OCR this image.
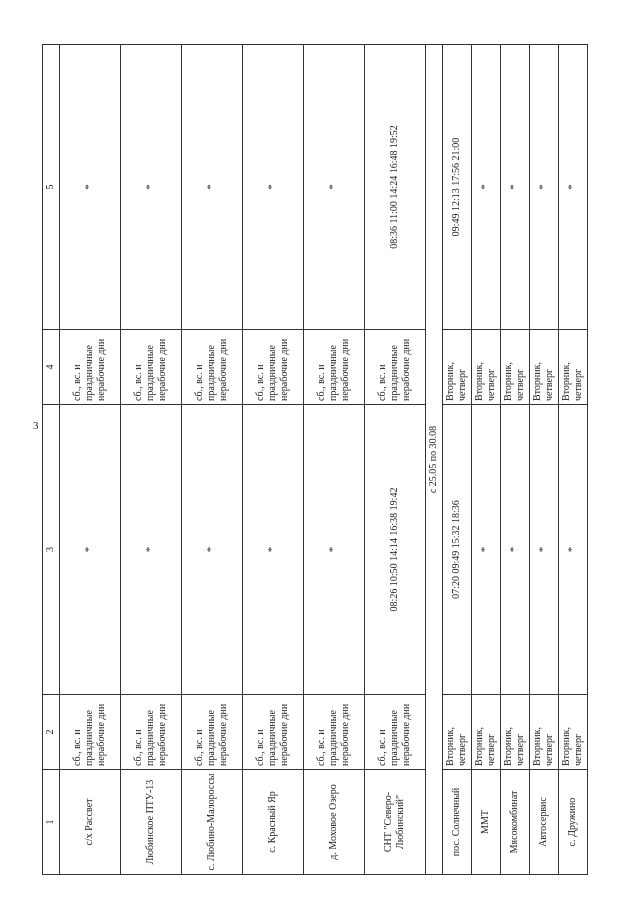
3
1	2	3	4	5
с/х Рассвет	сб., вс. и праздничные нерабочие дни	*	сб., вс. и праздничные нерабочие дни	*
Любинское ПТУ-13	сб., вс. и праздничные нерабочие дни	*	сб., вс. и праздничные нерабочие дни	*
с. Любино-Малороссы	сб., вс. и праздничные нерабочие дни	*	сб., вс. и праздничные нерабочие дни	*
с. Красный Яр	сб., вс. и праздничные нерабочие дни	*	сб., вс. и праздничные нерабочие дни	*
д. Моховое Озеро	сб., вс. и праздничные нерабочие дни	*	сб., вс. и праздничные нерабочие дни	*
СНТ "Северо-Любинский"	сб., вс. и праздничные нерабочие дни	08:26 10:50 14:14 16:38 19:42	сб., вс. и праздничные нерабочие дни	08:36 11:00 14:24 16:48 19:52
с 25.05 по 30.08				
пос. Солнечный	Вторник, четверг	07:20 09:49 15:32 18:36	Вторник, четверг	09:49 12:13 17:56 21:00
ММТ	Вторник, четверг	*	Вторник, четверг	*
Мясокомбинат	Вторник, четверг	*	Вторник, четверг	*
Автосервис	Вторник, четверг	*	Вторник, четверг	*
с. Дружино	Вторник, четверг	*	Вторник, четверг	*
